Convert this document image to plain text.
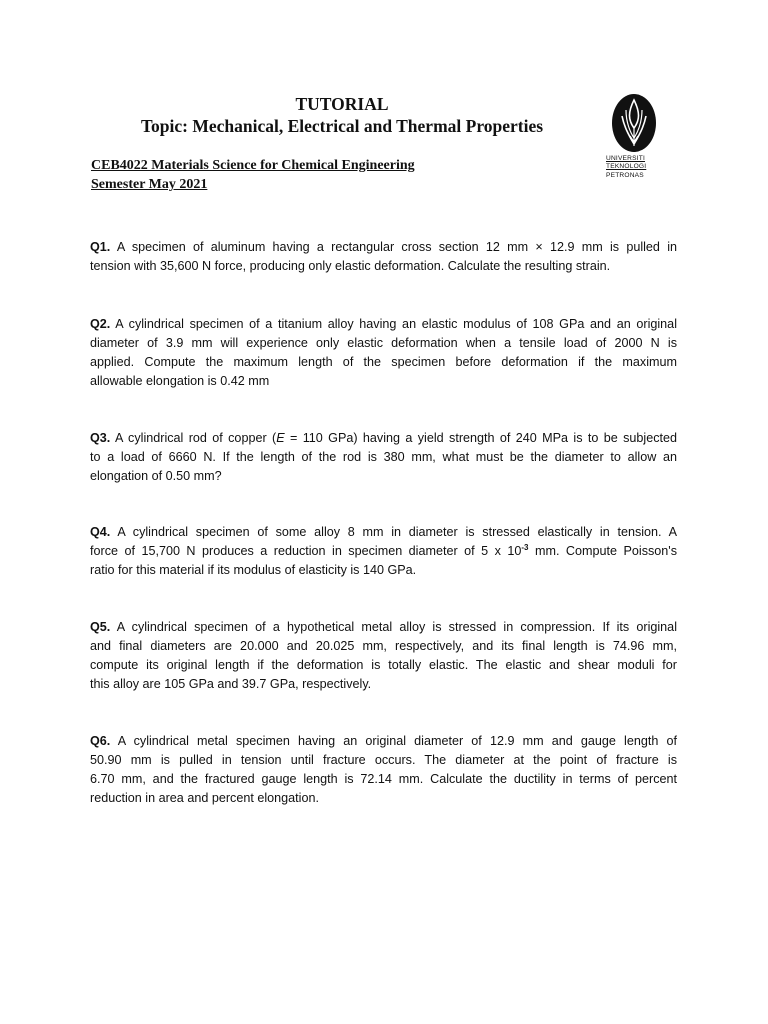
TUTORIAL
Topic: Mechanical, Electrical and Thermal Properties
CEB4022 Materials Science for Chemical Engineering
Semester May 2021
UNIVERSITI
TEKNOLOGI
PETRONAS
Q1. A specimen of aluminum having a rectangular cross section 12 mm × 12.9 mm is pulled in
tension with 35,600 N force, producing only elastic deformation. Calculate the resulting strain.
Q2. A cylindrical specimen of a titanium alloy having an elastic modulus of 108 GPa and an original
diameter of 3.9 mm will experience only elastic deformation when a tensile load of 2000 N is
applied. Compute the maximum length of the specimen before deformation if the maximum
allowable elongation is 0.42 mm
Q3. A cylindrical rod of copper (E = 110 GPa) having a yield strength of 240 MPa is to be subjected
to a load of 6660 N. If the length of the rod is 380 mm, what must be the diameter to allow an
elongation of 0.50 mm?
Q4. A cylindrical specimen of some alloy 8 mm in diameter is stressed elastically in tension. A
force of 15,700 N produces a reduction in specimen diameter of 5 x $10^{-3}$ mm. Compute Poisson's
ratio for this material if its modulus of elasticity is 140 GPa.
Q5. A cylindrical specimen of a hypothetical metal alloy is stressed in compression. If its original
and final diameters are 20.000 and 20.025 mm, respectively, and its final length is 74.96 mm,
compute its original length if the deformation is totally elastic. The elastic and shear moduli for
this alloy are 105 GPa and 39.7 GPa, respectively.
Q6. A cylindrical metal specimen having an original diameter of 12.9 mm and gauge length of
50.90 mm is pulled in tension until fracture occurs. The diameter at the point of fracture is
6.70 mm, and the fractured gauge length is 72.14 mm. Calculate the ductility in terms of percent
reduction in area and percent elongation.
